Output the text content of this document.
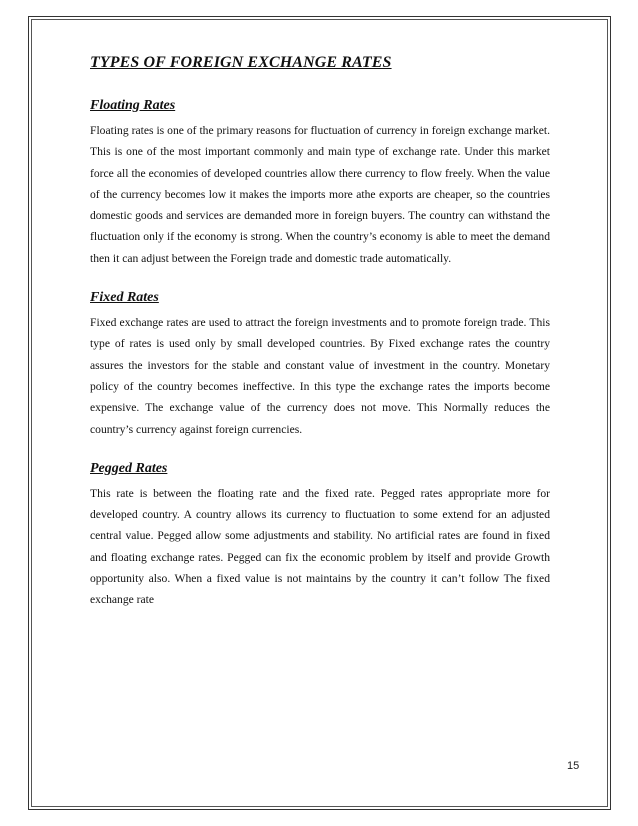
TYPES OF FOREIGN EXCHANGE RATES
Floating Rates

Floating rates is one of the primary reasons for fluctuation of currency in foreign exchange market. This is one of the most important commonly and main type of exchange rate. Under this market force all the economies of developed countries allow there currency to flow freely. When the value of the currency becomes low it makes the imports more athe exports are cheaper, so the countries domestic goods and services are demanded more in foreign buyers. The country can withstand the fluctuation only if the economy is strong. When the country’s economy is able to meet the demand then it can adjust between the Foreign trade and domestic trade automatically.

Fixed Rates

Fixed exchange rates are used to attract the foreign investments and to promote foreign trade. This type of rates is used only by small developed countries. By Fixed exchange rates the country assures the investors for the stable and constant value of investment in the country. Monetary policy of the country becomes ineffective. In this type the exchange rates the imports become expensive. The exchange value of the currency does not move. This Normally reduces the country’s currency against foreign currencies.

Pegged Rates

This rate is between the floating rate and the fixed rate. Pegged rates appropriate more for developed country. A country allows its currency to fluctuation to some extend for an adjusted central value. Pegged allow some adjustments and stability. No artificial rates are found in fixed and floating exchange rates. Pegged can fix the economic problem by itself and provide Growth opportunity also. When a fixed value is not maintains by the country it can’t follow The fixed exchange rate

15
